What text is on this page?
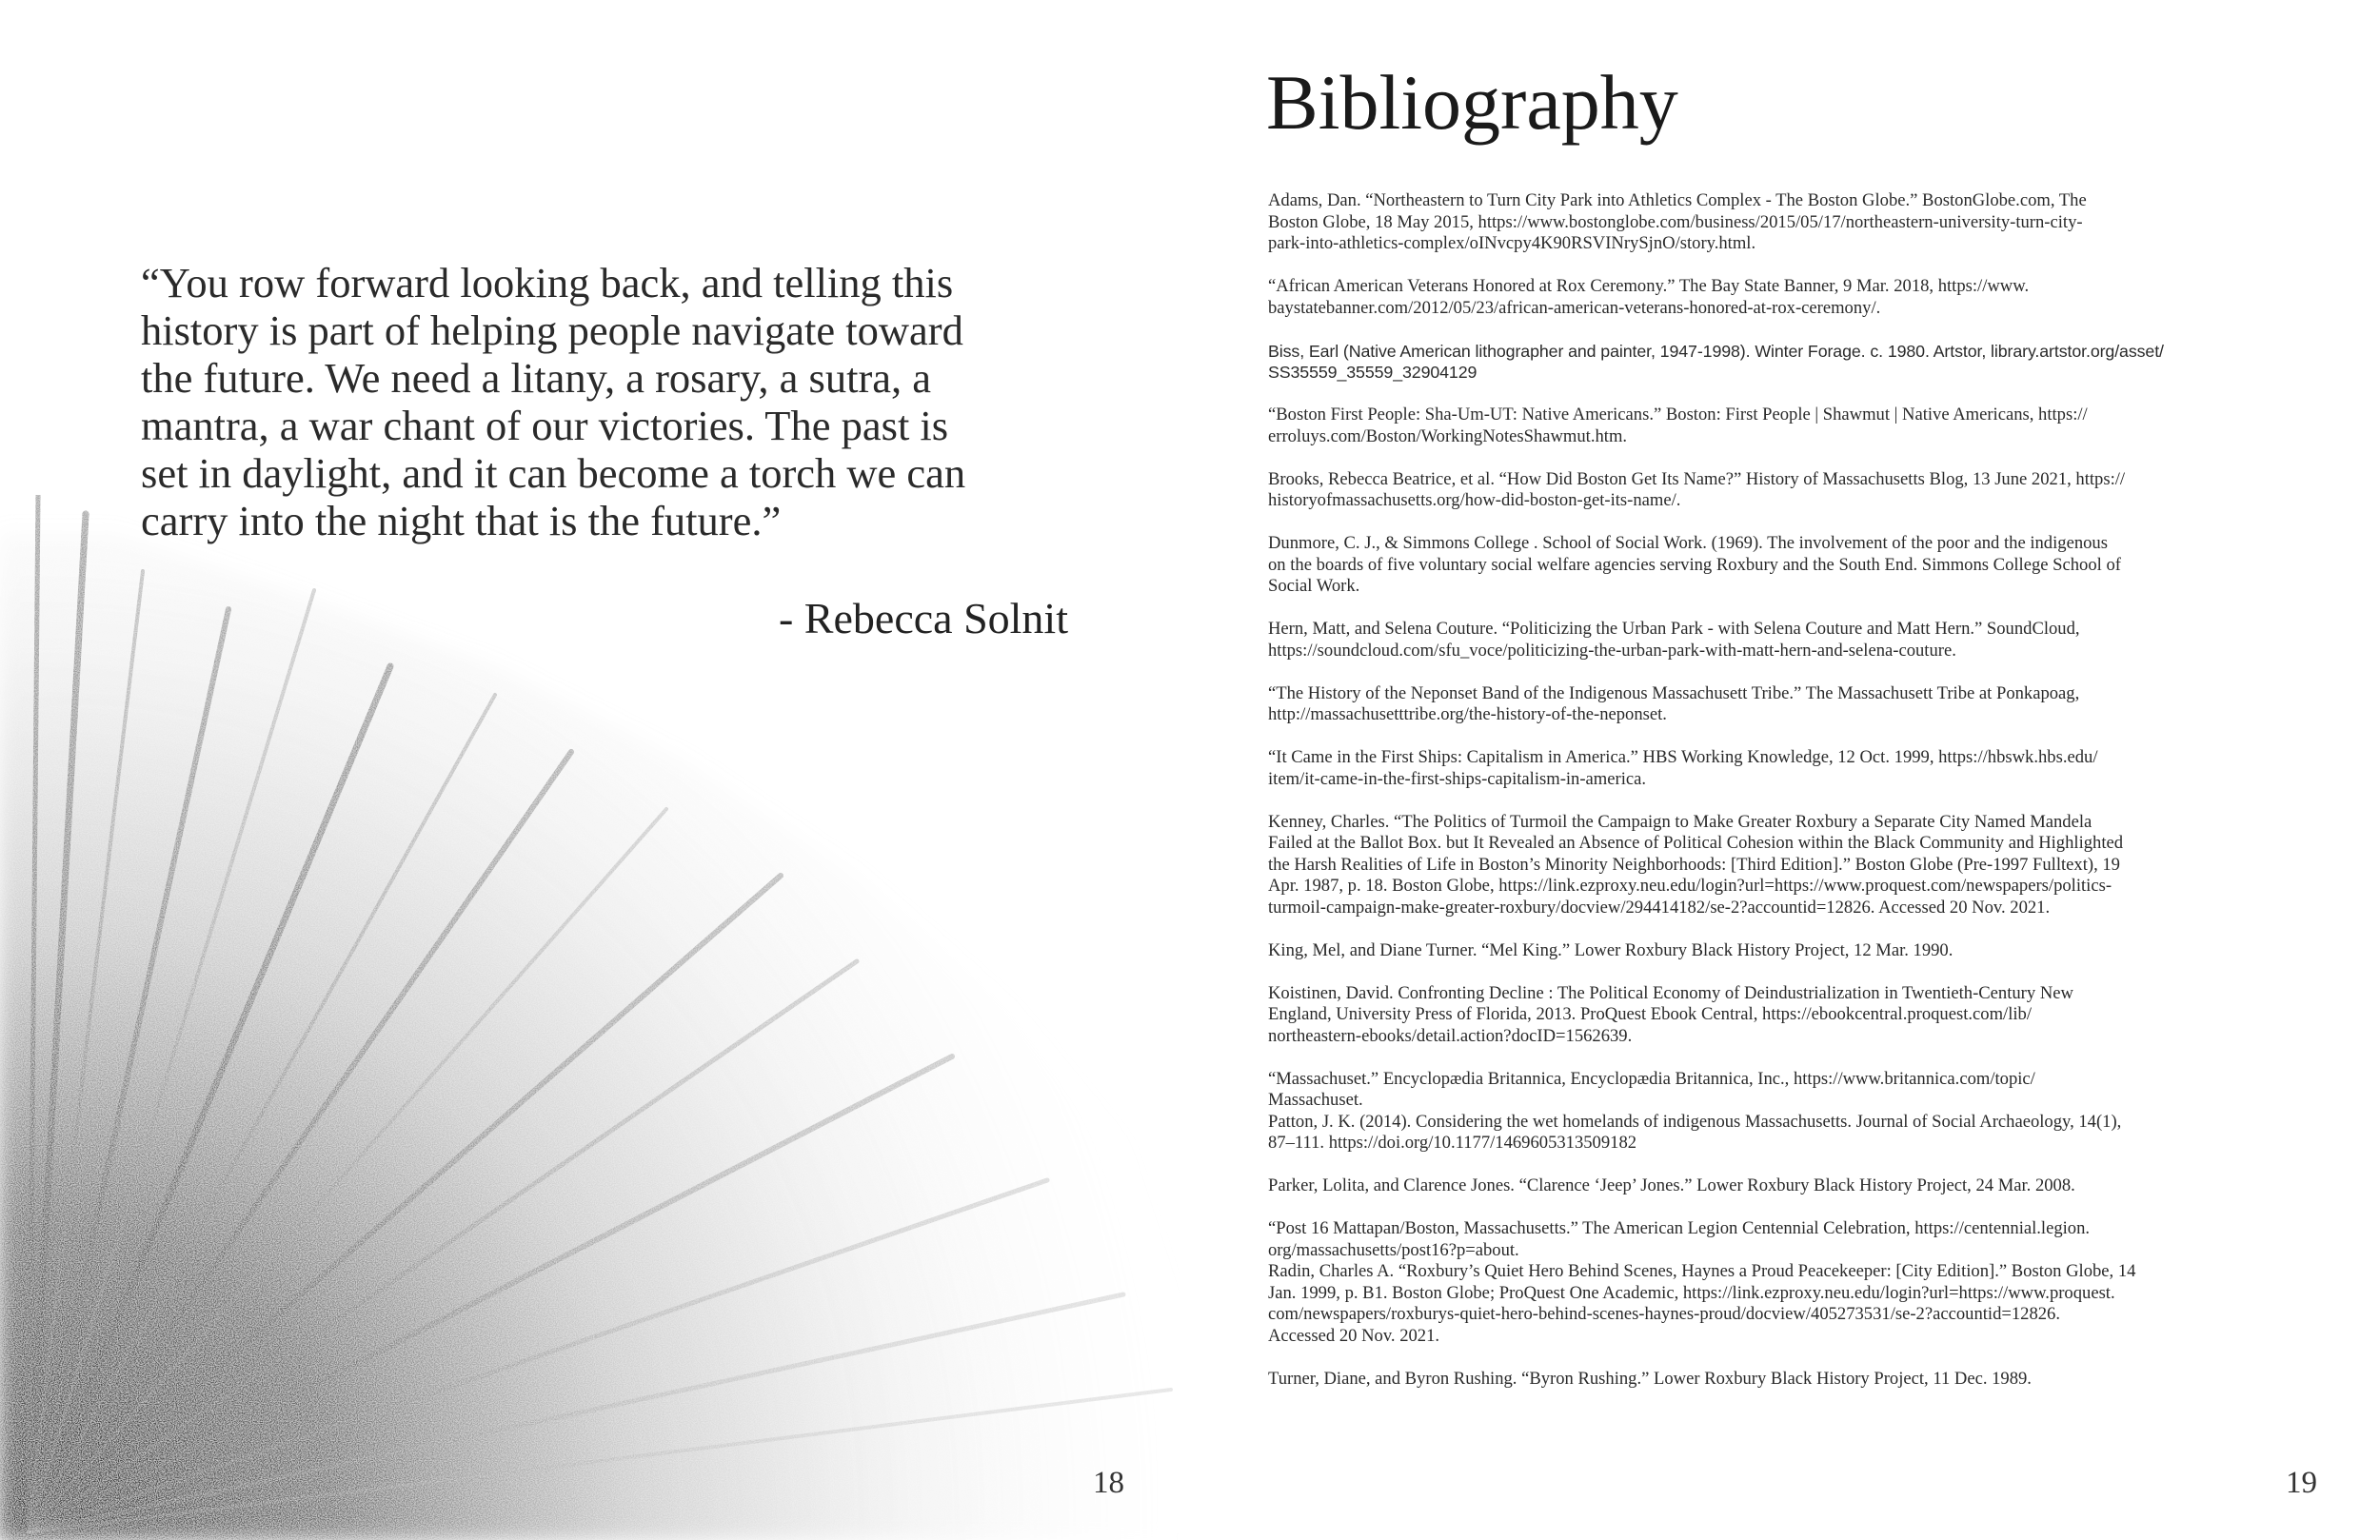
“You row forward looking back, and telling this
history is part of helping people navigate toward
the future. We need a litany, a rosary, a sutra, a
mantra, a war chant of our victories. The past is
set in daylight, and it can become a torch we can
carry into the night that is the future.”
- Rebecca Solnit
18
Bibliography

Adams, Dan. “Northeastern to Turn City Park into Athletics Complex - The Boston Globe.” BostonGlobe.com, The
Boston Globe, 18 May 2015, https://www.bostonglobe.com/business/2015/05/17/northeastern-university-turn-city-
park-into-athletics-complex/oINvcpy4K90RSVINrySjnO/story.html.

“African American Veterans Honored at Rox Ceremony.” The Bay State Banner, 9 Mar. 2018, https://www.
baystatebanner.com/2012/05/23/african-american-veterans-honored-at-rox-ceremony/.

Biss, Earl (Native American lithographer and painter, 1947-1998). Winter Forage. c. 1980. Artstor, library.artstor.org/asset/
SS35559_35559_32904129

“Boston First People: Sha-Um-UT: Native Americans.” Boston: First People | Shawmut | Native Americans, https://
erroluys.com/Boston/WorkingNotesShawmut.htm.

Brooks, Rebecca Beatrice, et al. “How Did Boston Get Its Name?” History of Massachusetts Blog, 13 June 2021, https://
historyofmassachusetts.org/how-did-boston-get-its-name/.

Dunmore, C. J., & Simmons College . School of Social Work. (1969). The involvement of the poor and the indigenous
on the boards of five voluntary social welfare agencies serving Roxbury and the South End. Simmons College School of
Social Work.

Hern, Matt, and Selena Couture. “Politicizing the Urban Park - with Selena Couture and Matt Hern.” SoundCloud,
https://soundcloud.com/sfu_voce/politicizing-the-urban-park-with-matt-hern-and-selena-couture.

“The History of the Neponset Band of the Indigenous Massachusett Tribe.” The Massachusett Tribe at Ponkapoag,
http://massachusetttribe.org/the-history-of-the-neponset.

“It Came in the First Ships: Capitalism in America.” HBS Working Knowledge, 12 Oct. 1999, https://hbswk.hbs.edu/
item/it-came-in-the-first-ships-capitalism-in-america.

Kenney, Charles. “The Politics of Turmoil the Campaign to Make Greater Roxbury a Separate City Named Mandela
Failed at the Ballot Box. but It Revealed an Absence of Political Cohesion within the Black Community and Highlighted
the Harsh Realities of Life in Boston’s Minority Neighborhoods: [Third Edition].” Boston Globe (Pre-1997 Fulltext), 19
Apr. 1987, p. 18. Boston Globe, https://link.ezproxy.neu.edu/login?url=https://www.proquest.com/newspapers/politics-
turmoil-campaign-make-greater-roxbury/docview/294414182/se-2?accountid=12826. Accessed 20 Nov. 2021.

King, Mel, and Diane Turner. “Mel King.” Lower Roxbury Black History Project, 12 Mar. 1990.

Koistinen, David. Confronting Decline : The Political Economy of Deindustrialization in Twentieth-Century New
England, University Press of Florida, 2013. ProQuest Ebook Central, https://ebookcentral.proquest.com/lib/
northeastern-ebooks/detail.action?docID=1562639.

“Massachuset.” Encyclopædia Britannica, Encyclopædia Britannica, Inc., https://www.britannica.com/topic/
Massachuset.

Patton, J. K. (2014). Considering the wet homelands of indigenous Massachusetts. Journal of Social Archaeology, 14(1),
87–111. https://doi.org/10.1177/1469605313509182

Parker, Lolita, and Clarence Jones. “Clarence ‘Jeep’ Jones.” Lower Roxbury Black History Project, 24 Mar. 2008.

“Post 16 Mattapan/Boston, Massachusetts.” The American Legion Centennial Celebration, https://centennial.legion.
org/massachusetts/post16?p=about.

Radin, Charles A. “Roxbury’s Quiet Hero Behind Scenes, Haynes a Proud Peacekeeper: [City Edition].” Boston Globe, 14
Jan. 1999, p. B1. Boston Globe; ProQuest One Academic, https://link.ezproxy.neu.edu/login?url=https://www.proquest.
com/newspapers/roxburys-quiet-hero-behind-scenes-haynes-proud/docview/405273531/se-2?accountid=12826.
Accessed 20 Nov. 2021.

Turner, Diane, and Byron Rushing. “Byron Rushing.” Lower Roxbury Black History Project, 11 Dec. 1989.

19
